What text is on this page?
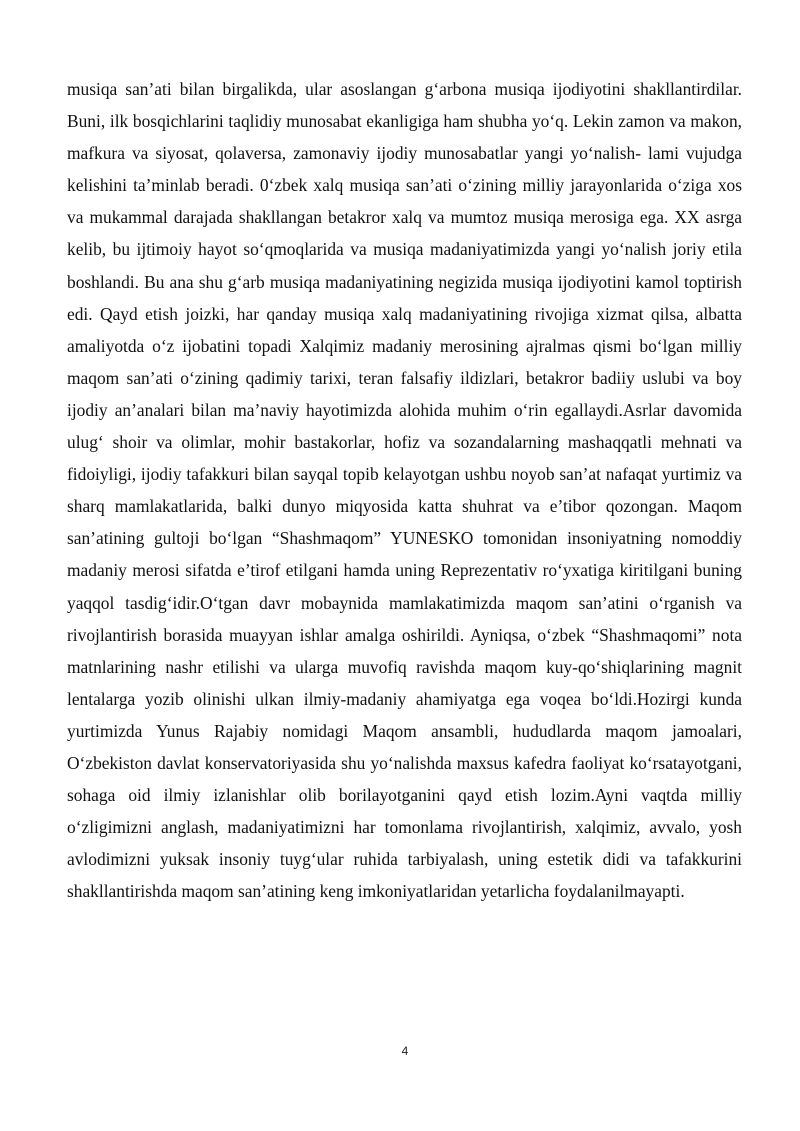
musiqa san’ati bilan birgalikda, ular asoslangan g‘arbona musiqa ijodiyotini shakllantirdilar. Buni, ilk bosqichlarini taqlidiy munosabat ekanligiga ham shubha yo‘q. Lekin zamon va makon, mafkura va siyosat, qolaversa, zamonaviy ijodiy munosabatlar yangi yo‘nalish- lami vujudga kelishini ta’minlab beradi. 0‘zbek xalq musiqa san’ati o‘zining milliy jarayonlarida o‘ziga xos va mukammal darajada shakllangan betakror xalq va mumtoz musiqa merosiga ega. XX asrga kelib, bu ijtimoiy hayot so‘qmoqlarida va musiqa madaniyatimizda yangi yo‘nalish joriy etila boshlandi. Bu ana shu g‘arb musiqa madaniyatining negizida musiqa ijodiyotini kamol toptirish edi. Qayd etish joizki, har qanday musiqa xalq madaniyatining rivojiga xizmat qilsa, albatta amaliyotda o‘z ijobatini topadi Xalqimiz madaniy merosining ajralmas qismi bo‘lgan milliy maqom san’ati o‘zining qadimiy tarixi, teran falsafiy ildizlari, betakror badiiy uslubi va boy ijodiy an’analari bilan ma’naviy hayotimizda alohida muhim o‘rin egallaydi.Asrlar davomida ulug‘ shoir va olimlar, mohir bastakorlar, hofiz va sozandalarning mashaqqatli mehnati va fidoiyligi, ijodiy tafakkuri bilan sayqal topib kelayotgan ushbu noyob san’at nafaqat yurtimiz va sharq mamlakatlarida, balki dunyo miqyosida katta shuhrat va e’tibor qozongan. Maqom san’atining gultoji bo‘lgan “Shashmaqom” YUNESKO tomonidan insoniyatning nomoddiy madaniy merosi sifatda e’tirof etilgani hamda uning Reprezentativ ro‘yxatiga kiritilgani buning yaqqol tasdig‘idir.O‘tgan davr mobaynida mamlakatimizda maqom san’atini o‘rganish va rivojlantirish borasida muayyan ishlar amalga oshirildi. Ayniqsa, o‘zbek “Shashmaqomi” nota matnlarining nashr etilishi va ularga muvofiq ravishda maqom kuy-qo‘shiqlarining magnit lentalarga yozib olinishi ulkan ilmiy-madaniy ahamiyatga ega voqea bo‘ldi.Hozirgi kunda yurtimizda Yunus Rajabiy nomidagi Maqom ansambli, hududlarda maqom jamoalari, O‘zbekiston davlat konservatoriyasida shu yo‘nalishda maxsus kafedra faoliyat ko‘rsatayotgani, sohaga oid ilmiy izlanishlar olib borilayotganini qayd etish lozim.Ayni vaqtda milliy o‘zligimizni anglash, madaniyatimizni har tomonlama rivojlantirish, xalqimiz, avvalo, yosh avlodimizni yuksak insoniy tuyg‘ular ruhida tarbiyalash, uning estetik didi va tafakkurini shakllantirishda maqom san’atining keng imkoniyatlaridan yetarlicha foydalanilmayapti.

4
